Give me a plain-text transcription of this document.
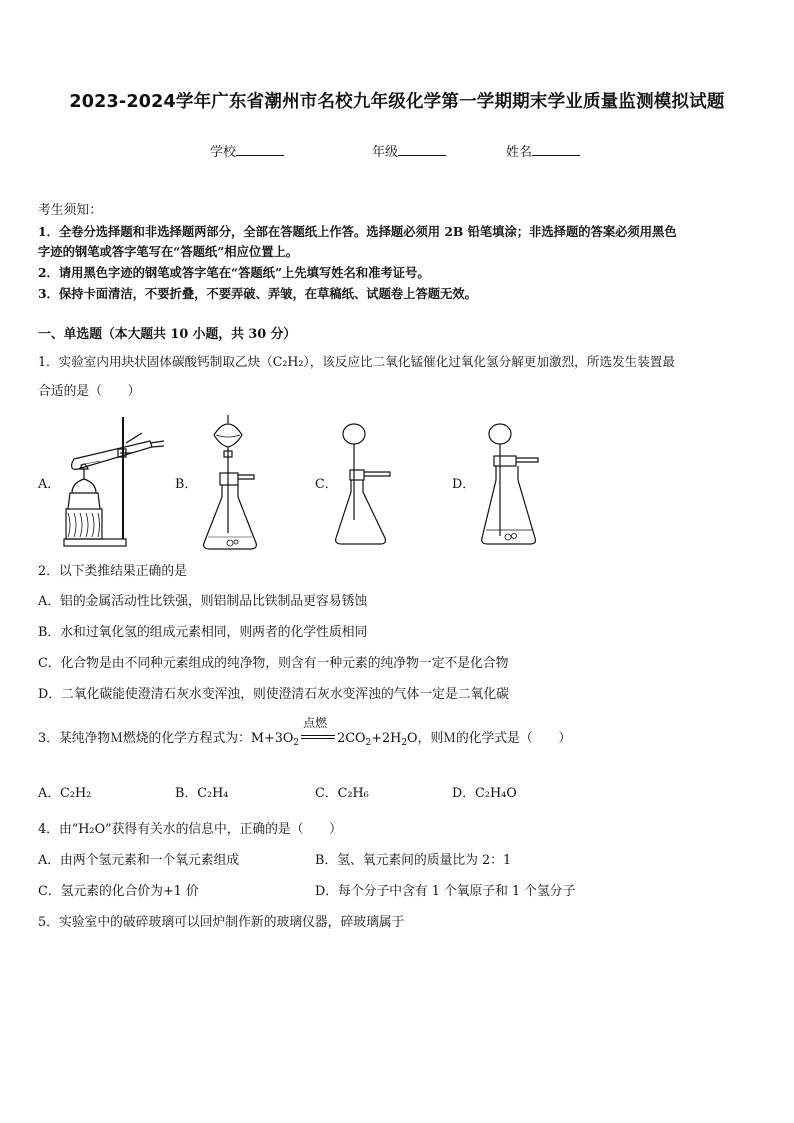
2023-2024学年广东省潮州市名校九年级化学第一学期期末学业质量监测模拟试题
学校	年级	姓名
考生须知：
1．全卷分选择题和非选择题两部分，全部在答题纸上作答。选择题必须用 2B 铅笔填涂；非选择题的答案必须用黑色
字迹的钢笔或答字笔写在“答题纸”相应位置上。
2．请用黑色字迹的钢笔或答字笔在“答题纸”上先填写姓名和准考证号。
3．保持卡面清洁，不要折叠，不要弄破、弄皱，在草稿纸、试题卷上答题无效。
一、单选题（本大题共 10 小题，共 30 分）
1．实验室内用块状固体碳酸钙制取乙炔（C₂H₂），该反应比二氧化锰催化过氧化氢分解更加激烈，所选发生装置最
合适的是（　　）
A．	B．	C．	D．
2．以下类推结果正确的是
A．铝的金属活动性比铁强，则铝制品比铁制品更容易锈蚀
B．水和过氧化氢的组成元素相同，则两者的化学性质相同
C．化合物是由不同种元素组成的纯净物，则含有一种元素的纯净物一定不是化合物
D．二氧化碳能使澄清石灰水变浑浊，则使澄清石灰水变浑浊的气体一定是二氧化碳
3．某纯净物Ｍ燃烧的化学方程式为：$M+3O_2$
点燃
$2CO_2+2H_2O$，则Ｍ的化学式是（　　）
A．C₂H₂	B．C₂H₄	C．C₂H₆	D．C₂H₄O
4．由“H₂O”获得有关水的信息中，正确的是（　　）
A．由两个氢元素和一个氧元素组成	B．氢、氧元素间的质量比为 2：1
C．氢元素的化合价为+1 价	D．每个分子中含有 1 个氧原子和 1 个氢分子
5．实验室中的破碎玻璃可以回炉制作新的玻璃仪器，碎玻璃属于
